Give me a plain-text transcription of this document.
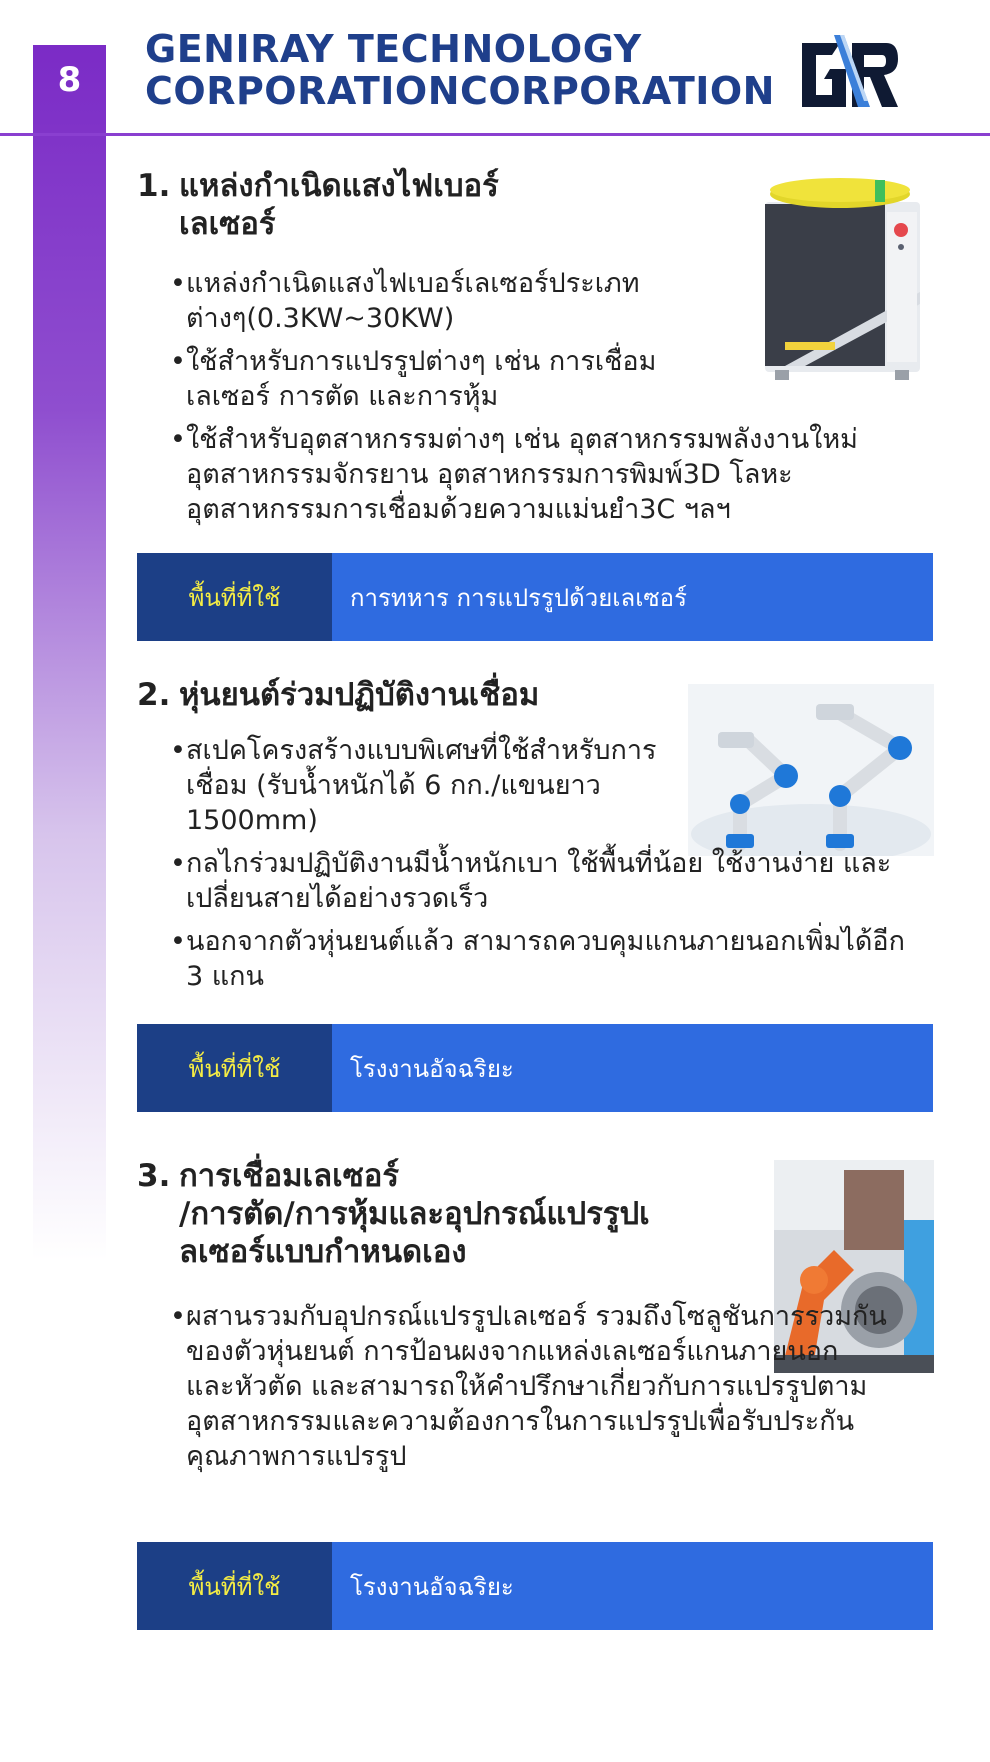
8
GENIRAY TECHNOLOGY
CORPORATIONCORPORATION
1. แหล่งกำเนิดแสงไฟเบอร์
เลเซอร์
• แหล่งกำเนิดแสงไฟเบอร์เลเซอร์ประเภทต่างๆ(0.3KW~30KW)
• ใช้สำหรับการแปรรูปต่างๆ เช่น การเชื่อมเลเซอร์ การตัด และการหุ้ม
• ใช้สำหรับอุตสาหกรรมต่างๆ เช่น อุตสาหกรรมพลังงานใหม่ อุตสาหกรรมจักรยาน อุตสาหกรรมการพิมพ์3D โลหะ อุตสาหกรรมการเชื่อมด้วยความแม่นยำ3C ฯลฯ
พื้นที่ที่ใช้	การทหาร การแปรรูปด้วยเลเซอร์
2. หุ่นยนต์ร่วมปฏิบัติงานเชื่อม
• สเปคโครงสร้างแบบพิเศษที่ใช้สำหรับการเชื่อม (รับน้ำหนักได้ 6 กก./แขนยาว 1500mm)
• กลไกร่วมปฏิบัติงานมีน้ำหนักเบา ใช้พื้นที่น้อย ใช้งานง่าย และเปลี่ยนสายได้อย่างรวดเร็ว
• นอกจากตัวหุ่นยนต์แล้ว สามารถควบคุมแกนภายนอกเพิ่มได้อีก 3 แกน
พื้นที่ที่ใช้	โรงงานอัจฉริยะ
3. การเชื่อมเลเซอร์
/การตัด/การหุ้มและอุปกรณ์แปรรูปเ
ลเซอร์แบบกำหนดเอง
• ผสานรวมกับอุปกรณ์แปรรูปเลเซอร์ รวมถึงโซลูชันการรวมกันของตัวหุ่นยนต์ การป้อนผงจากแหล่งเลเซอร์แกนภายนอก และหัวตัด และสามารถให้คำปรึกษาเกี่ยวกับการแปรรูปตามอุตสาหกรรมและความต้องการในการแปรรูปเพื่อรับประกันคุณภาพการแปรรูป
พื้นที่ที่ใช้	โรงงานอัจฉริยะ
